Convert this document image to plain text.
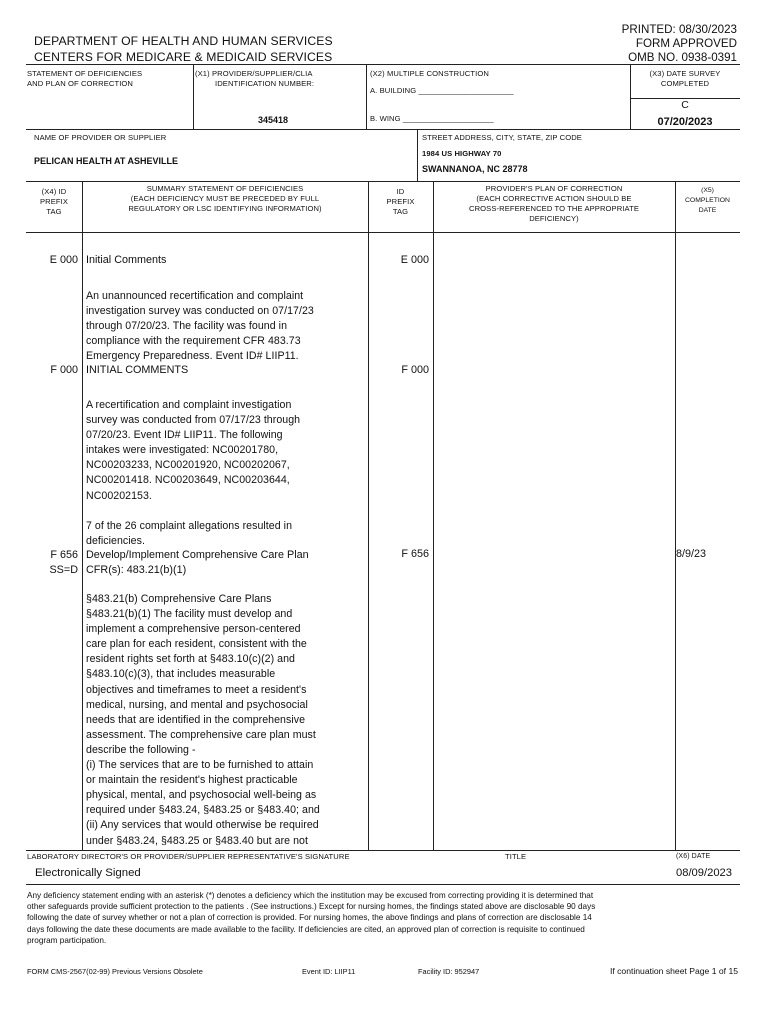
DEPARTMENT OF HEALTH AND HUMAN SERVICES
CENTERS FOR MEDICARE & MEDICAID SERVICES
PRINTED: 08/30/2023
FORM APPROVED
OMB NO. 0938-0391
STATEMENT OF DEFICIENCIES
AND PLAN OF CORRECTION
(X1) PROVIDER/SUPPLIER/CLIA
IDENTIFICATION NUMBER:
345418
(X2) MULTIPLE CONSTRUCTION
A. BUILDING ______________________
B. WING _____________________
(X3) DATE SURVEY
COMPLETED
C
07/20/2023
NAME OF PROVIDER OR SUPPLIER
PELICAN HEALTH AT ASHEVILLE
STREET ADDRESS, CITY, STATE, ZIP CODE
1984 US HIGHWAY 70
SWANNANOA, NC 28778
(X4) ID
PREFIX
TAG
SUMMARY STATEMENT OF DEFICIENCIES
(EACH DEFICIENCY MUST BE PRECEDED BY FULL
REGULATORY OR LSC IDENTIFYING INFORMATION)
ID
PREFIX
TAG
PROVIDER'S PLAN OF CORRECTION
(EACH CORRECTIVE ACTION SHOULD BE
CROSS-REFERENCED TO THE APPROPRIATE
DEFICIENCY)
(X5)
COMPLETION
DATE
E 000 Initial Comments	E 000
An unannounced recertification and complaint
investigation survey was conducted on 07/17/23
through 07/20/23. The facility was found in
compliance with the requirement CFR 483.73
Emergency Preparedness. Event ID# LIIP11.
F 000 INITIAL COMMENTS	F 000
A recertification and complaint investigation
survey was conducted from 07/17/23 through
07/20/23. Event ID# LIIP11. The following
intakes were investigated: NC00201780,
NC00203233, NC00201920, NC00202067,
NC00201418. NC00203649, NC00203644,
NC00202153.

7 of the 26 complaint allegations resulted in
deficiencies.
F 656
SS=D
Develop/Implement Comprehensive Care Plan
CFR(s): 483.21(b)(1)
F 656	8/9/23
§483.21(b) Comprehensive Care Plans
§483.21(b)(1) The facility must develop and
implement a comprehensive person-centered
care plan for each resident, consistent with the
resident rights set forth at §483.10(c)(2) and
§483.10(c)(3), that includes measurable
objectives and timeframes to meet a resident's
medical, nursing, and mental and psychosocial
needs that are identified in the comprehensive
assessment. The comprehensive care plan must
describe the following -
(i) The services that are to be furnished to attain
or maintain the resident's highest practicable
physical, mental, and psychosocial well-being as
required under §483.24, §483.25 or §483.40; and
(ii) Any services that would otherwise be required
under §483.24, §483.25 or §483.40 but are not
LABORATORY DIRECTOR'S OR PROVIDER/SUPPLIER REPRESENTATIVE'S SIGNATURE	TITLE	(X6) DATE
Electronically Signed	08/09/2023
Any deficiency statement ending with an asterisk (*) denotes a deficiency which the institution may be excused from correcting providing it is determined that
other safeguards provide sufficient protection to the patients . (See instructions.) Except for nursing homes, the findings stated above are disclosable 90 days
following the date of survey whether or not a plan of correction is provided. For nursing homes, the above findings and plans of correction are disclosable 14
days following the date these documents are made available to the facility. If deficiencies are cited, an approved plan of correction is requisite to continued
program participation.
FORM CMS-2567(02-99) Previous Versions Obsolete	Event ID: LIIP11	Facility ID: 952947	If continuation sheet Page 1 of 15
